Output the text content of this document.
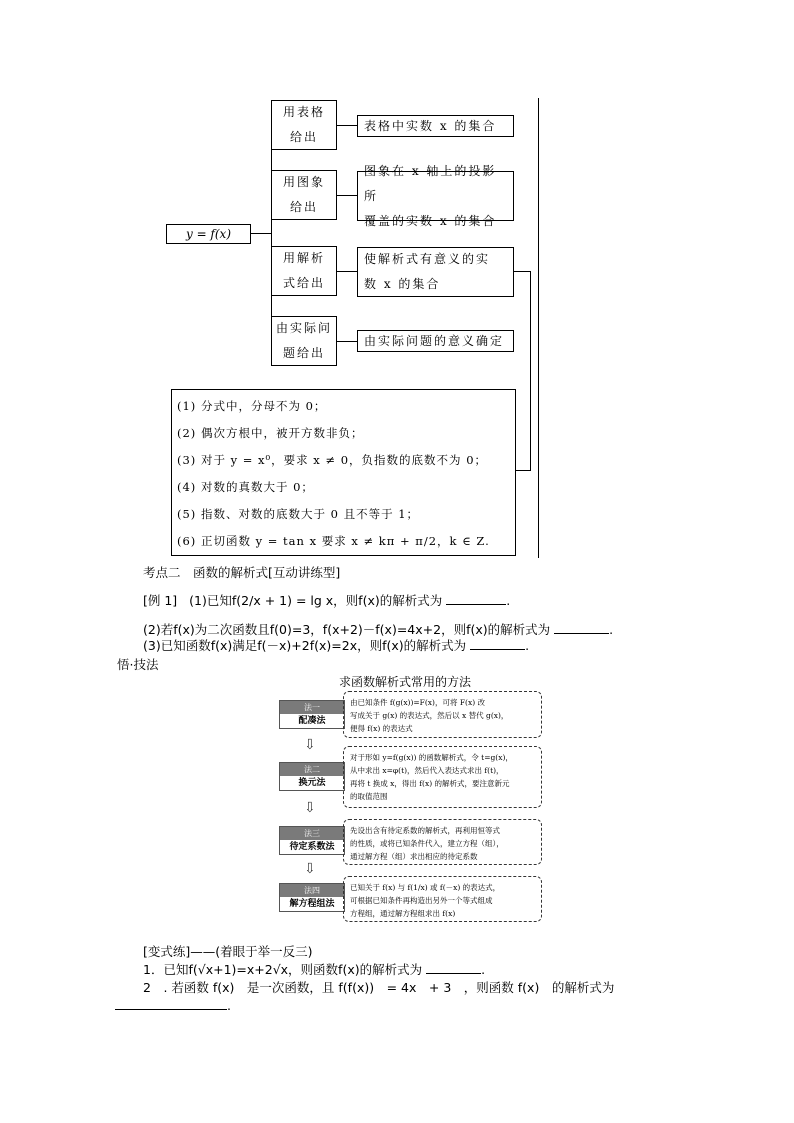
y = f(x)
用表格
给出
表格中实数 x 的集合
用图象
给出
图象在 x 轴上的投影所
覆盖的实数 x 的集合
用解析
式给出
使解析式有意义的实
数 x 的集合
由实际问
题给出
由实际问题的意义确定
(1) 分式中，分母不为 0；
(2) 偶次方根中，被开方数非负；
(3) 对于 y = x⁰，要求 x ≠ 0，负指数的底数不为 0；
(4) 对数的真数大于 0；
(5) 指数、对数的底数大于 0 且不等于 1；
(6) 正切函数 y = tan x 要求 x ≠ kπ + π/2，k ∈ Z.
考点二　函数的解析式[互动讲练型]
[例 1] (1)已知f(2/x + 1) = lg x，则f(x)的解析式为	.
(2)若f(x)为二次函数且f(0)=3，f(x+2)－f(x)=4x+2，则f(x)的解析式为	.
(3)已知函数f(x)满足f(－x)+2f(x)=2x，则f(x)的解析式为	.
悟·技法
求函数解析式常用的方法
法一
配凑法
⇩
法二
换元法
⇩
法三
待定系数法
⇩
法四
解方程组法
由已知条件 f(g(x))=F(x)，可将 F(x) 改
写成关于 g(x) 的表达式，然后以 x 替代 g(x)，
便得 f(x) 的表达式
对于形如 y=f(g(x)) 的函数解析式，令 t=g(x)，
从中求出 x=φ(t)，然后代入表达式求出 f(t)，
再将 t 换成 x，得出 f(x) 的解析式，要注意新元
的取值范围
先设出含有待定系数的解析式，再利用恒等式
的性质，或将已知条件代入，建立方程（组），
通过解方程（组）求出相应的待定系数
已知关于 f(x) 与 f(1/x) 或 f(－x) 的表达式，
可根据已知条件再构造出另外一个等式组成
方程组，通过解方程组求出 f(x)
[变式练]——(着眼于举一反三)
1．已知f(√x+1)=x+2√x，则函数f(x)的解析式为	.
2　. 若函数 f(x)　是一次函数，且 f(f(x))　= 4x　+ 3　，则函数 f(x)　的解析式为
.
